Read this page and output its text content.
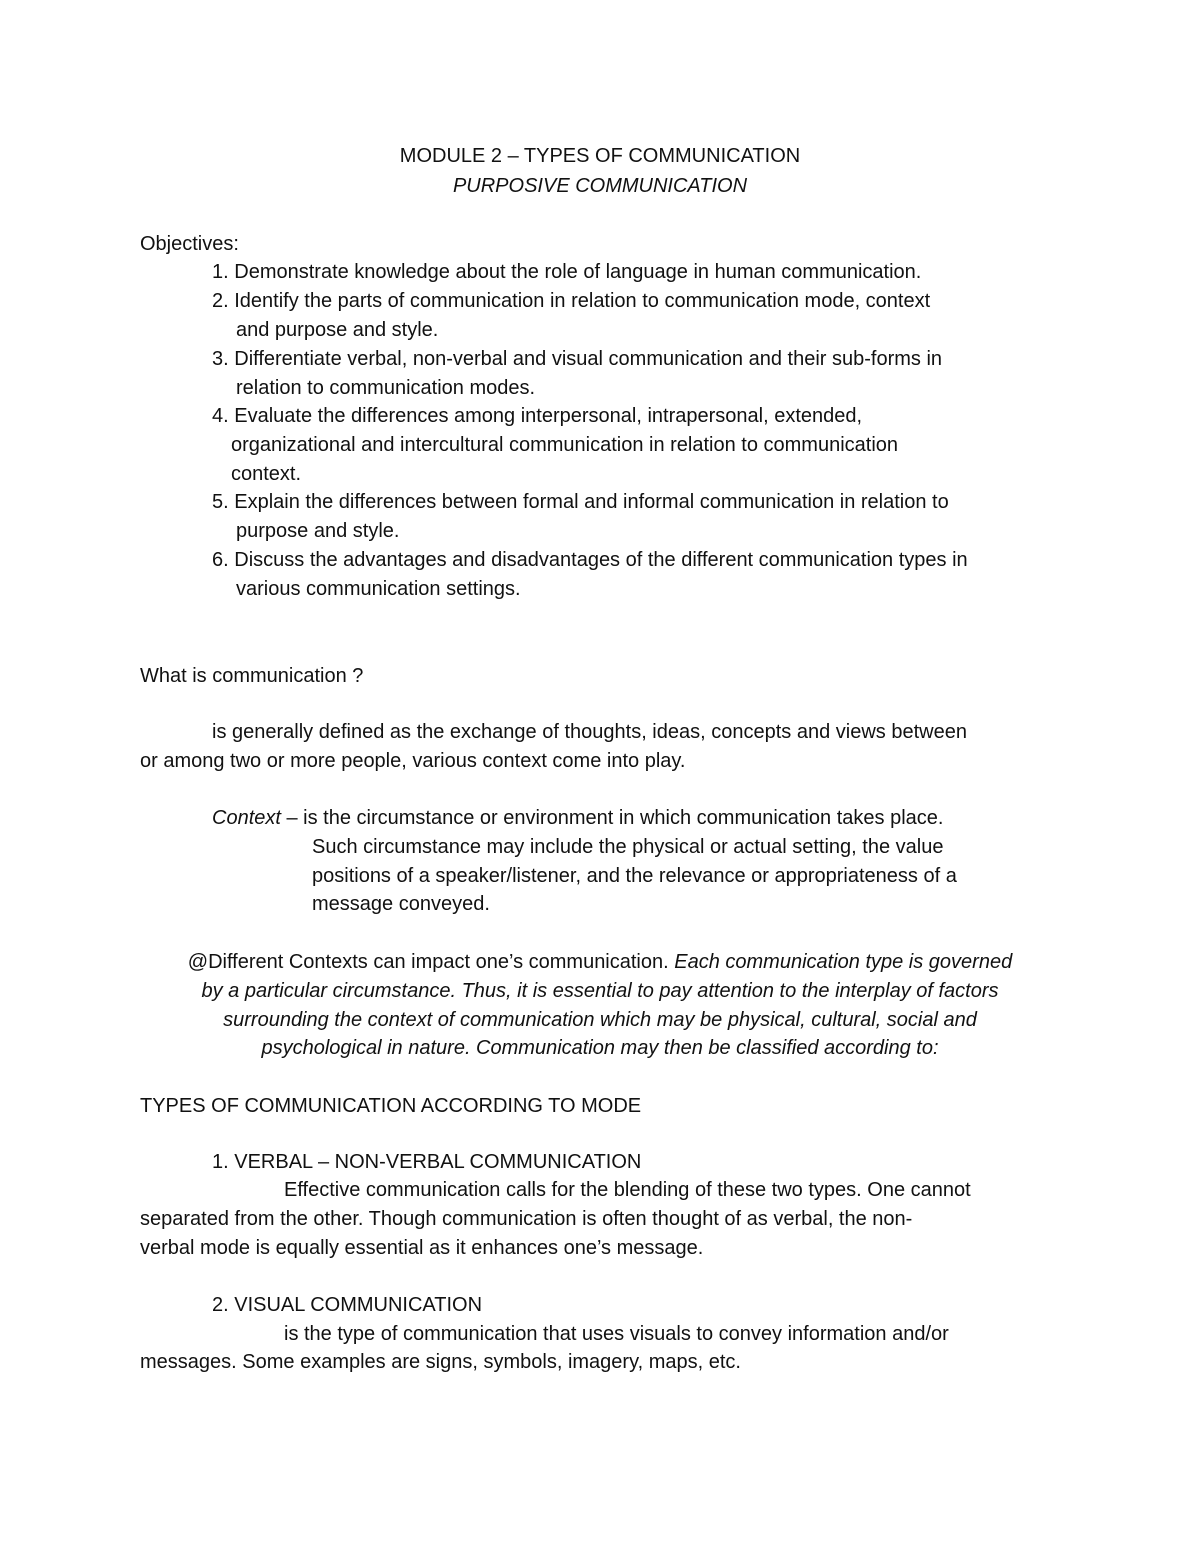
MODULE 2 – TYPES OF COMMUNICATION
PURPOSIVE COMMUNICATION
Objectives:
1. Demonstrate knowledge about the role of language in human communication.
2. Identify the parts of communication in relation to communication mode, context
and purpose and style.
3. Differentiate verbal, non-verbal and visual communication and their sub-forms in
relation to communication modes.
4. Evaluate the differences among interpersonal, intrapersonal, extended,
organizational and intercultural communication in relation to communication
context.
5. Explain the differences between formal and informal communication in relation to
purpose and style.
6. Discuss the advantages and disadvantages of the different communication types in
various communication settings.
What is communication ?
is generally defined as the exchange of thoughts, ideas, concepts and views between
or among two or more people, various context come into play.
Context – is the circumstance or environment in which communication takes place.
Such circumstance may include the physical or actual setting, the value
positions of a speaker/listener, and the relevance or appropriateness of a
message conveyed.
@Different Contexts can impact one’s communication. Each communication type is governed
by a particular circumstance. Thus, it is essential to pay attention to the interplay of factors
surrounding the context of communication which may be physical, cultural, social and
psychological in nature. Communication may then be classified according to:
TYPES OF COMMUNICATION ACCORDING TO MODE
1. VERBAL – NON-VERBAL COMMUNICATION
Effective communication calls for the blending of these two types. One cannot
separated from the other. Though communication is often thought of as verbal, the non-
verbal mode is equally essential as it enhances one’s message.
2. VISUAL COMMUNICATION
is the type of communication that uses visuals to convey information and/or
messages. Some examples are signs, symbols, imagery, maps, etc.
